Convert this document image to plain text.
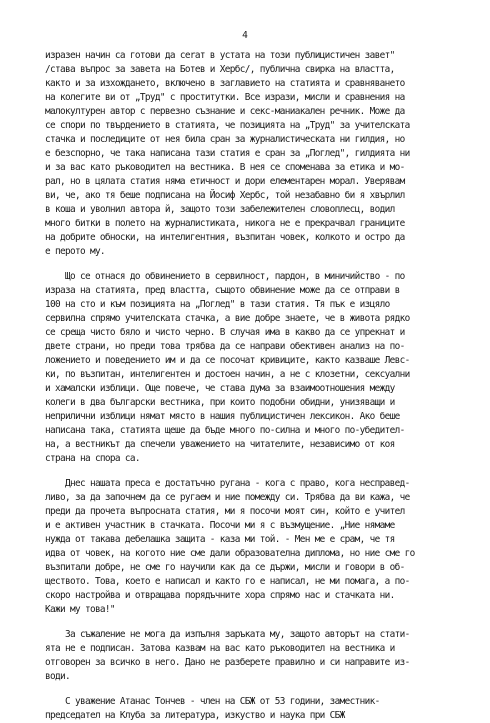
4
изразен начин са готови да сerат в устата на този публицистичен завет"
/става въпрос за завета на Ботев и Хербс/, публична свирка на властта,
както и за изхождането, включено в заглавието на статията и сравняването
на колегите ви от „Труд" с проститутки. Все изрази, мисли и сравнения на
малокултурен автор с первезно съзнание и секс-маниакален речник. Може да
се спори по твърдението в статията, че позицията на „Труд" за учителската
стачка и последиците от нея била сран за журналистическата ни гилдия, но
е безспорно, че така написана тази статия е сран за „Поглед", гилдията ни
и за вас като ръководител на вестника. В нея се споменава за етика и мо-
рал, но в цялата статия няма етичност и дори елементарен морал. Уверявам
ви, че, ако тя беше подписана на Йосиф Хербс, той незабавно би я хвърлил
в коша и уволнил автора й, защото този забележителен словоплесц, водил
много битки в полето на журналистиката, никога не е прекрачвал границите
на добрите обноски, на интелигентния, възпитан човек, колкото и остро да
е перото му.
Що се отнася до обвинението в сервилност, пардон, в миничийство - по
израза на статията, пред властта, същото обвинение може да се отправи в
100 на сто и към позицията на „Поглед" в тази статия. Тя пък е изцяло
сервилна спрямо учителската стачка, а вие добре знаете, че в живота рядко
се среща чисто бяло и чисто черно. В случая има в какво да се упрекнат и
двете страни, но преди това трябва да се направи обективен анализ на по-
ложението и поведението им и да се посочат кривиците, както казваше Левс-
ки, по възпитан, интелигентен и достоен начин, а не с клозетни, сексуални
и хамалски изблици. Още повече, че става дума за взаимоотношения между
колеги в два български вестника, при които подобни обидни, унизяващи и
неприлични изблици нямат място в нашия публицистичен лексикон. Ако беше
написана така, статията щеше да бъде много по-силна и много по-убедител-
на, а вестникът да спечели уважението на читателите, независимо от коя
страна на спора са.
Днес нашата преса е достатъчно ругана - кога с право, кога несправед-
ливо, за да започнем да се ругаем и ние помежду си. Трябва да ви кажа, че
преди да прочета въпросната статия, ми я посочи моят син, който е учител
и е активен участник в стачката. Посочи ми я с възмущение. „Ние нямаме
нужда от такава дебелашка защита - каза ми той. - Мен ме е срам, че тя
идва от човек, на когото ние сме дали образователна диплома, но ние сме го
възпитали добре, не сме го научили как да се държи, мисли и говори в об-
ществото. Това, което е написал и както го е написал, не ми помага, а по-
скоро настройва и отвращава порядъчните хора спрямо нас и стачката ни.
Кажи му това!"
За съжаление не мога да изпълня заръката му, защото авторът на стати-
ята не е подписан. Затова казвам на вас като ръководител на вестника и
отговорен за всичко в него. Дано не разберете правилно и си направите из-
води.
С уважение Атанас Тончев - член на СБЖ от 53 години, заместник-
председател на Клуба за литература, изкуство и наука при СБЖ
